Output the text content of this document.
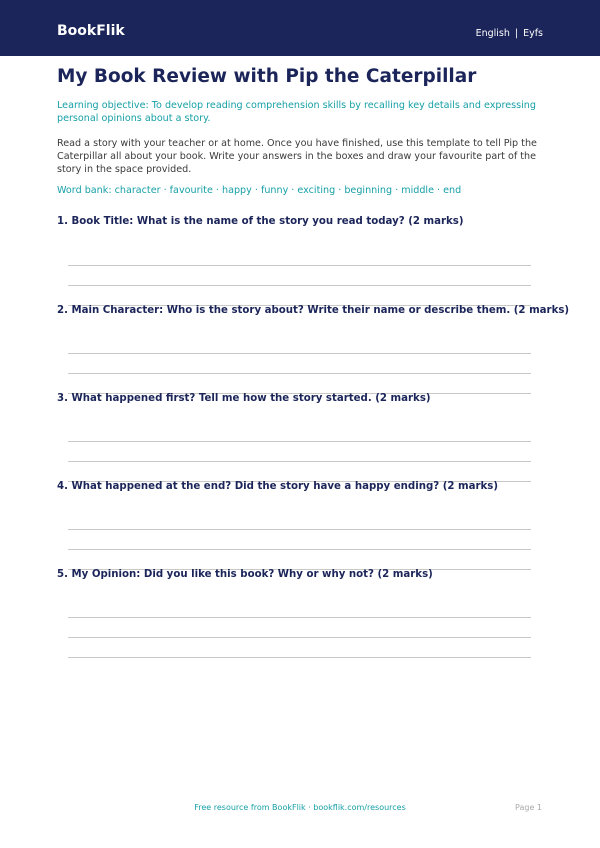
BookFlik	English | Eyfs
My Book Review with Pip the Caterpillar
Learning objective: To develop reading comprehension skills by recalling key details and expressing personal opinions about a story.
Read a story with your teacher or at home. Once you have finished, use this template to tell Pip the Caterpillar all about your book. Write your answers in the boxes and draw your favourite part of the story in the space provided.
Word bank: character · favourite · happy · funny · exciting · beginning · middle · end
1. Book Title: What is the name of the story you read today? (2 marks)
2. Main Character: Who is the story about? Write their name or describe them. (2 marks)
3. What happened first? Tell me how the story started. (2 marks)
4. What happened at the end? Did the story have a happy ending? (2 marks)
5. My Opinion: Did you like this book? Why or why not? (2 marks)
Free resource from BookFlik · bookflik.com/resources	Page 1
